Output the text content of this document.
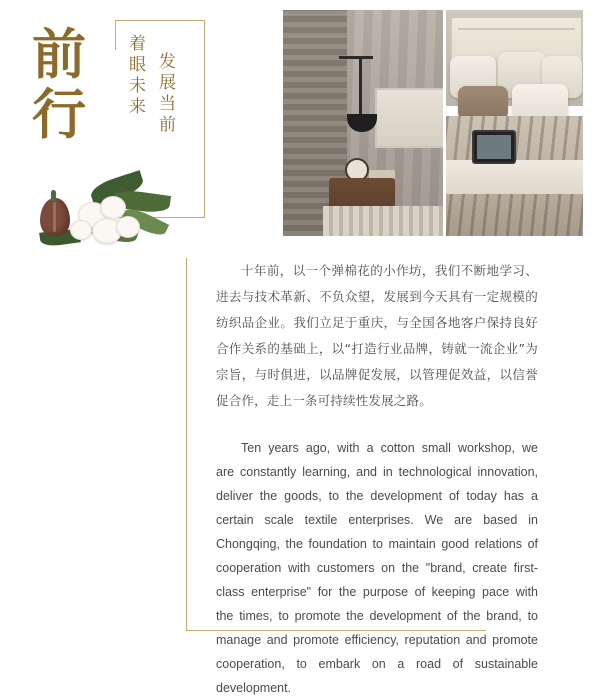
前
行	着眼未来 发展当前

十年前，以一个弹棉花的小作坊，我们不断地学习、进去与技术革新、不负众望，发展到今天具有一定规模的纺织品企业。我们立足于重庆，与全国各地客户保持良好合作关系的基础上，以“打造行业品牌，铸就一流企业”为宗旨，与时俱进，以品牌促发展，以管理促效益，以信誉促合作，走上一条可持续性发展之路。

Ten years ago, with a cotton small workshop, we are constantly learning, and in technological innovation, deliver the goods, to the development of today has a certain scale textile enterprises. We are based in Chongqing, the foundation to maintain good relations of cooperation with customers on the "brand, create first-class enterprise" for the purpose of keeping pace with the times, to promote the development of the brand, to manage and promote efficiency, reputation and promote cooperation, to embark on a road of sustainable development.
